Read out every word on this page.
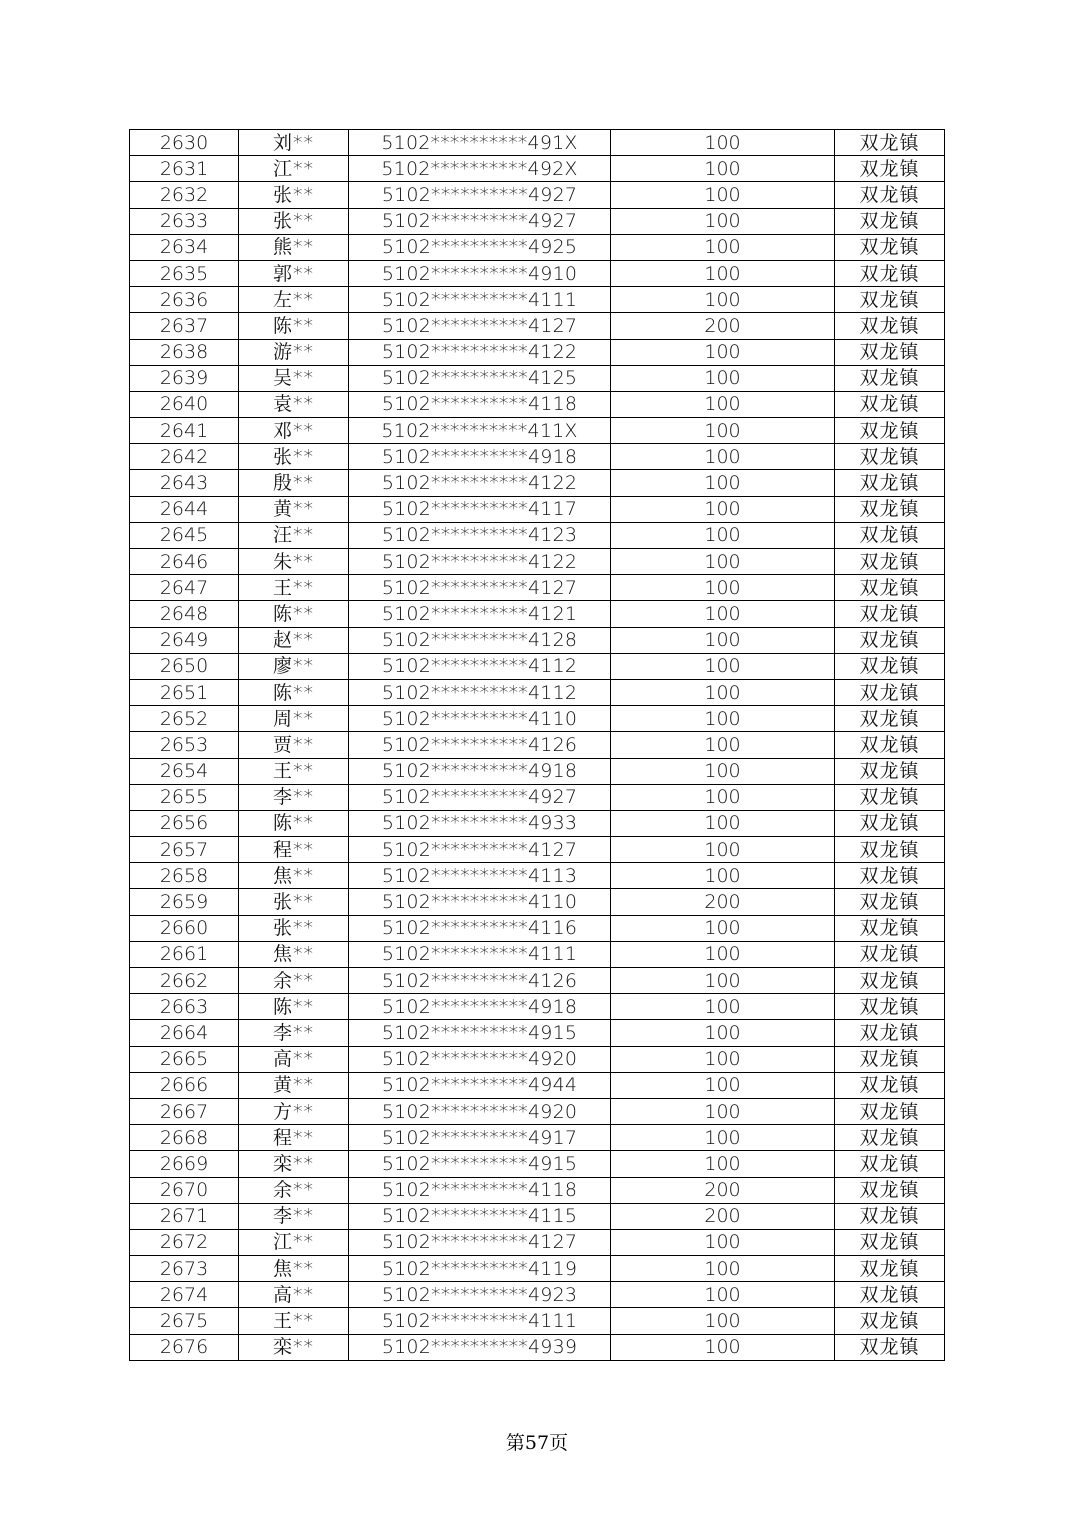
2630	刘**	5102**********491X	100	双龙镇
2631	江**	5102**********492X	100	双龙镇
2632	张**	5102**********4927	100	双龙镇
2633	张**	5102**********4927	100	双龙镇
2634	熊**	5102**********4925	100	双龙镇
2635	郭**	5102**********4910	100	双龙镇
2636	左**	5102**********4111	100	双龙镇
2637	陈**	5102**********4127	200	双龙镇
2638	游**	5102**********4122	100	双龙镇
2639	吴**	5102**********4125	100	双龙镇
2640	袁**	5102**********4118	100	双龙镇
2641	邓**	5102**********411X	100	双龙镇
2642	张**	5102**********4918	100	双龙镇
2643	殷**	5102**********4122	100	双龙镇
2644	黄**	5102**********4117	100	双龙镇
2645	汪**	5102**********4123	100	双龙镇
2646	朱**	5102**********4122	100	双龙镇
2647	王**	5102**********4127	100	双龙镇
2648	陈**	5102**********4121	100	双龙镇
2649	赵**	5102**********4128	100	双龙镇
2650	廖**	5102**********4112	100	双龙镇
2651	陈**	5102**********4112	100	双龙镇
2652	周**	5102**********4110	100	双龙镇
2653	贾**	5102**********4126	100	双龙镇
2654	王**	5102**********4918	100	双龙镇
2655	李**	5102**********4927	100	双龙镇
2656	陈**	5102**********4933	100	双龙镇
2657	程**	5102**********4127	100	双龙镇
2658	焦**	5102**********4113	100	双龙镇
2659	张**	5102**********4110	200	双龙镇
2660	张**	5102**********4116	100	双龙镇
2661	焦**	5102**********4111	100	双龙镇
2662	余**	5102**********4126	100	双龙镇
2663	陈**	5102**********4918	100	双龙镇
2664	李**	5102**********4915	100	双龙镇
2665	高**	5102**********4920	100	双龙镇
2666	黄**	5102**********4944	100	双龙镇
2667	方**	5102**********4920	100	双龙镇
2668	程**	5102**********4917	100	双龙镇
2669	栾**	5102**********4915	100	双龙镇
2670	余**	5102**********4118	200	双龙镇
2671	李**	5102**********4115	200	双龙镇
2672	江**	5102**********4127	100	双龙镇
2673	焦**	5102**********4119	100	双龙镇
2674	高**	5102**********4923	100	双龙镇
2675	王**	5102**********4111	100	双龙镇
2676	栾**	5102**********4939	100	双龙镇
第57页
